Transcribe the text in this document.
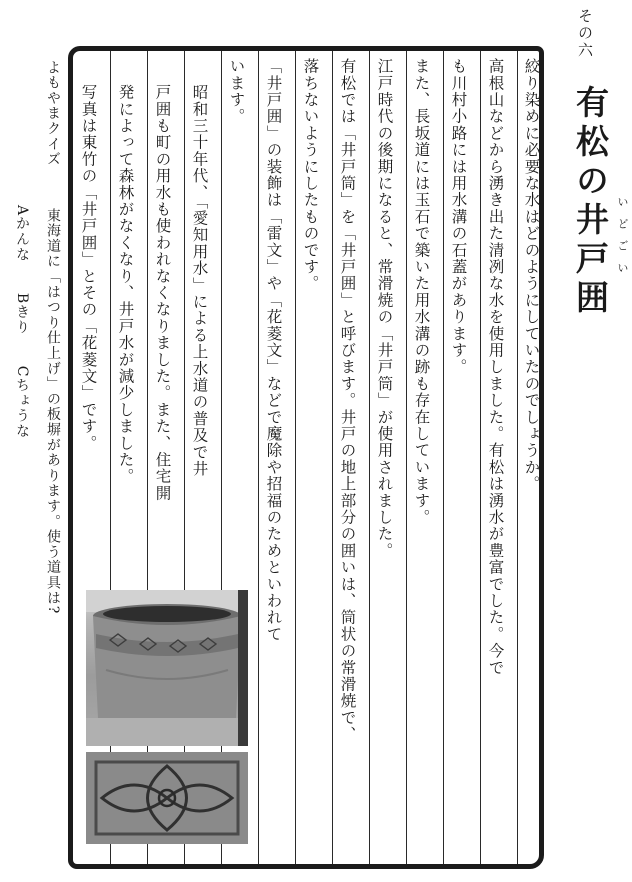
その六
有松の井戸囲 いどごい
絞り染めに必要な水はどのようにしていたのでしょうか。
高根山などから湧き出た清冽な水を使用しました。有松は湧水が豊富でした。今で
も川村小路には用水溝の石蓋があります。
また、長坂道には玉石で築いた用水溝の跡も存在しています。
江戸時代の後期になると、常滑焼の「井戸筒」が使用されました。
有松では「井戸筒」を「井戸囲」と呼びます。井戸の地上部分の囲いは、筒状の常滑焼で、
落ちないようにしたものです。
「井戸囲」の装飾は「雷文」や「花菱文」などで魔除や招福のためといわれて
います。
昭和三十年代、「愛知用水」による上水道の普及で井
戸囲も町の用水も使われなくなりました。また、住宅開
発によって森林がなくなり、井戸水が減少しました。
写真は東竹の「井戸囲」とその「花菱文」です。
よもやまクイズ
東海道に「はつり仕上げ」の板塀があります。使う道具は?
Aかんな　　Bきり　　Cちょうな
